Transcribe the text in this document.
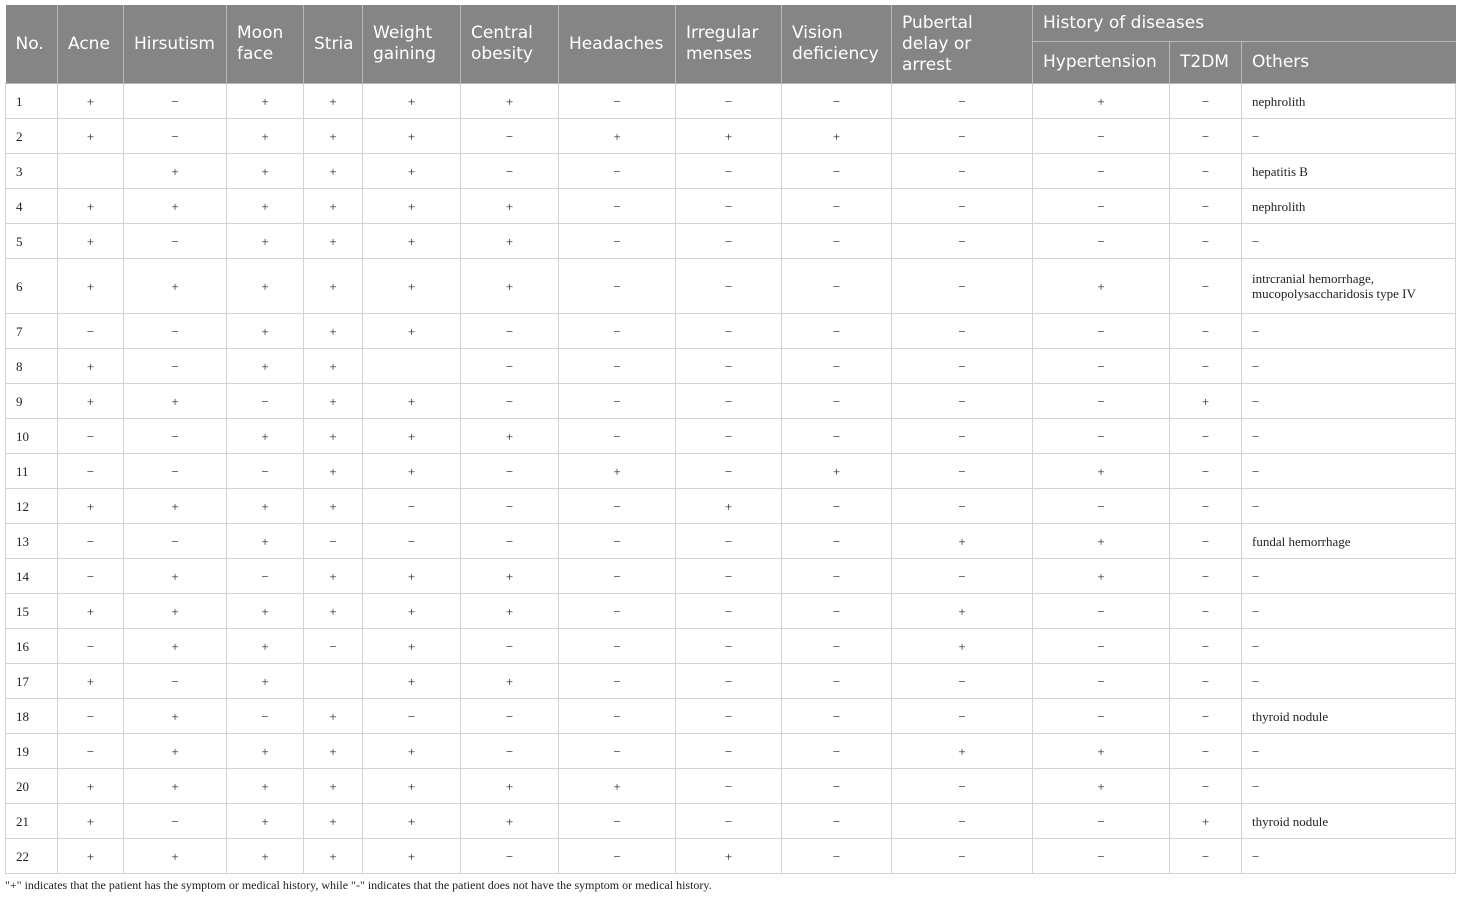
No.	Acne	Hirsutism	Moon face	Stria	Weight gaining	Central obesity	Headaches	Irregular menses	Vision deficiency	Pubertal delay or arrest	History of diseases		
											Hypertension	T2DM	Others
1	+	−	+	+	+	+	−	−	−	−	+	−	nephrolith
2	+	−	+	+	+	−	+	+	+	−	−	−	−
3		+	+	+	+	−	−	−	−	−	−	−	hepatitis B
4	+	+	+	+	+	+	−	−	−	−	−	−	nephrolith
5	+	−	+	+	+	+	−	−	−	−	−	−	−
6	+	+	+	+	+	+	−	−	−	−	+	−	intrcranial hemorrhage, mucopolysaccharidosis type IV
7	−	−	+	+	+	−	−	−	−	−	−	−	−
8	+	−	+	+		−	−	−	−	−	−	−	−
9	+	+	−	+	+	−	−	−	−	−	−	+	−
10	−	−	+	+	+	+	−	−	−	−	−	−	−
11	−	−	−	+	+	−	+	−	+	−	+	−	−
12	+	+	+	+	−	−	−	+	−	−	−	−	−
13	−	−	+	−	−	−	−	−	−	+	+	−	fundal hemorrhage
14	−	+	−	+	+	+	−	−	−	−	+	−	−
15	+	+	+	+	+	+	−	−	−	+	−	−	−
16	−	+	+	−	+	−	−	−	−	+	−	−	−
17	+	−	+		+	+	−	−	−	−	−	−	−
18	−	+	−	+	−	−	−	−	−	−	−	−	thyroid nodule
19	−	+	+	+	+	−	−	−	−	+	+	−	−
20	+	+	+	+	+	+	+	−	−	−	+	−	−
21	+	−	+	+	+	+	−	−	−	−	−	+	thyroid nodule
22	+	+	+	+	+	−	−	+	−	−	−	−	−
"+" indicates that the patient has the symptom or medical history, while "-" indicates that the patient does not have the symptom or medical history.
